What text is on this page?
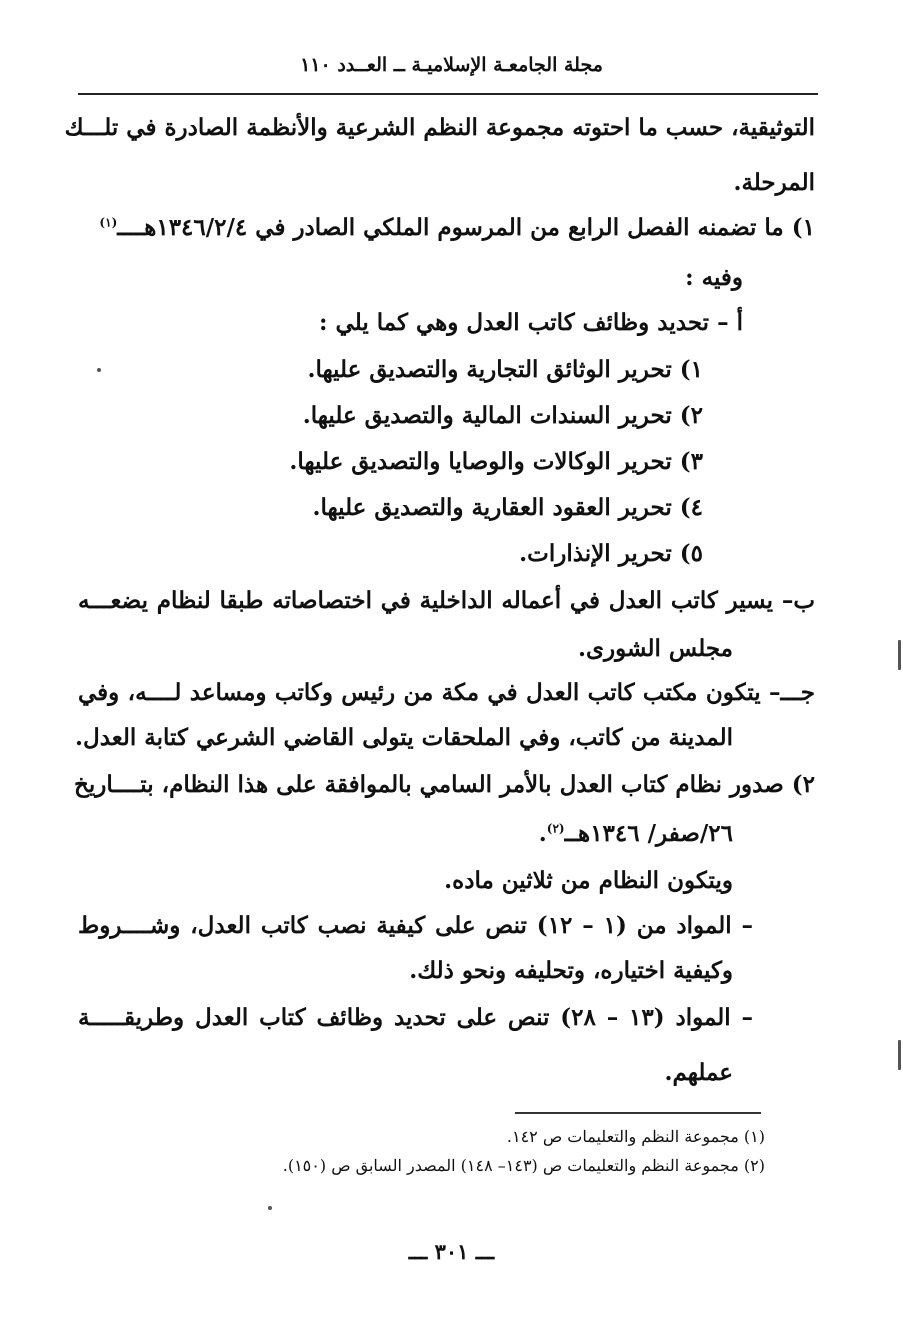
مجلة الجامعـة الإسلاميـة ــ العــدد ١١٠
التوثيقية، حسب ما احتوته مجموعة النظم الشرعية والأنظمة الصادرة في تلـــك
المرحلة.
١) ما تضمنه الفصل الرابع من المرسوم الملكي الصادر في ١٣٤٦/٢/٤هــــ$^{(١)}$
وفيه :
أ – تحديد وظائف كاتب العدل وهي كما يلي :
١) تحرير الوثائق التجارية والتصديق عليها.
٢) تحرير السندات المالية والتصديق عليها.
٣) تحرير الوكالات والوصايا والتصديق عليها.
٤) تحرير العقود العقارية والتصديق عليها.
٥) تحرير الإنذارات.
ب– يسير كاتب العدل في أعماله الداخلية في اختصاصاته طبقا لنظام يضعـــه
مجلس الشورى.
جـــ– يتكون مكتب كاتب العدل في مكة من رئيس وكاتب ومساعد لــــه، وفي
المدينة من كاتب، وفي الملحقات يتولى القاضي الشرعي كتابة العدل.
٢) صدور نظام كتاب العدل بالأمر السامي بالموافقة على هذا النظام، بتــــاريخ
٢٦/صفر/ ١٣٤٦هــ$^{(٢)}$.
ويتكون النظام من ثلاثين ماده.
– المواد من (١ – ١٢) تنص على كيفية نصب كاتب العدل، وشــــروط
وكيفية اختياره، وتحليفه ونحو ذلك.
– المواد (١٣ – ٢٨) تنص على تحديد وظائف كتاب العدل وطريقـــــة
عملهم.
(١) مجموعة النظم والتعليمات ص ١٤٢.
(٢) مجموعة النظم والتعليمات ص (١٤٣– ١٤٨) المصدر السابق ص (١٥٠).
ـــ ٣٠١ ـــ
